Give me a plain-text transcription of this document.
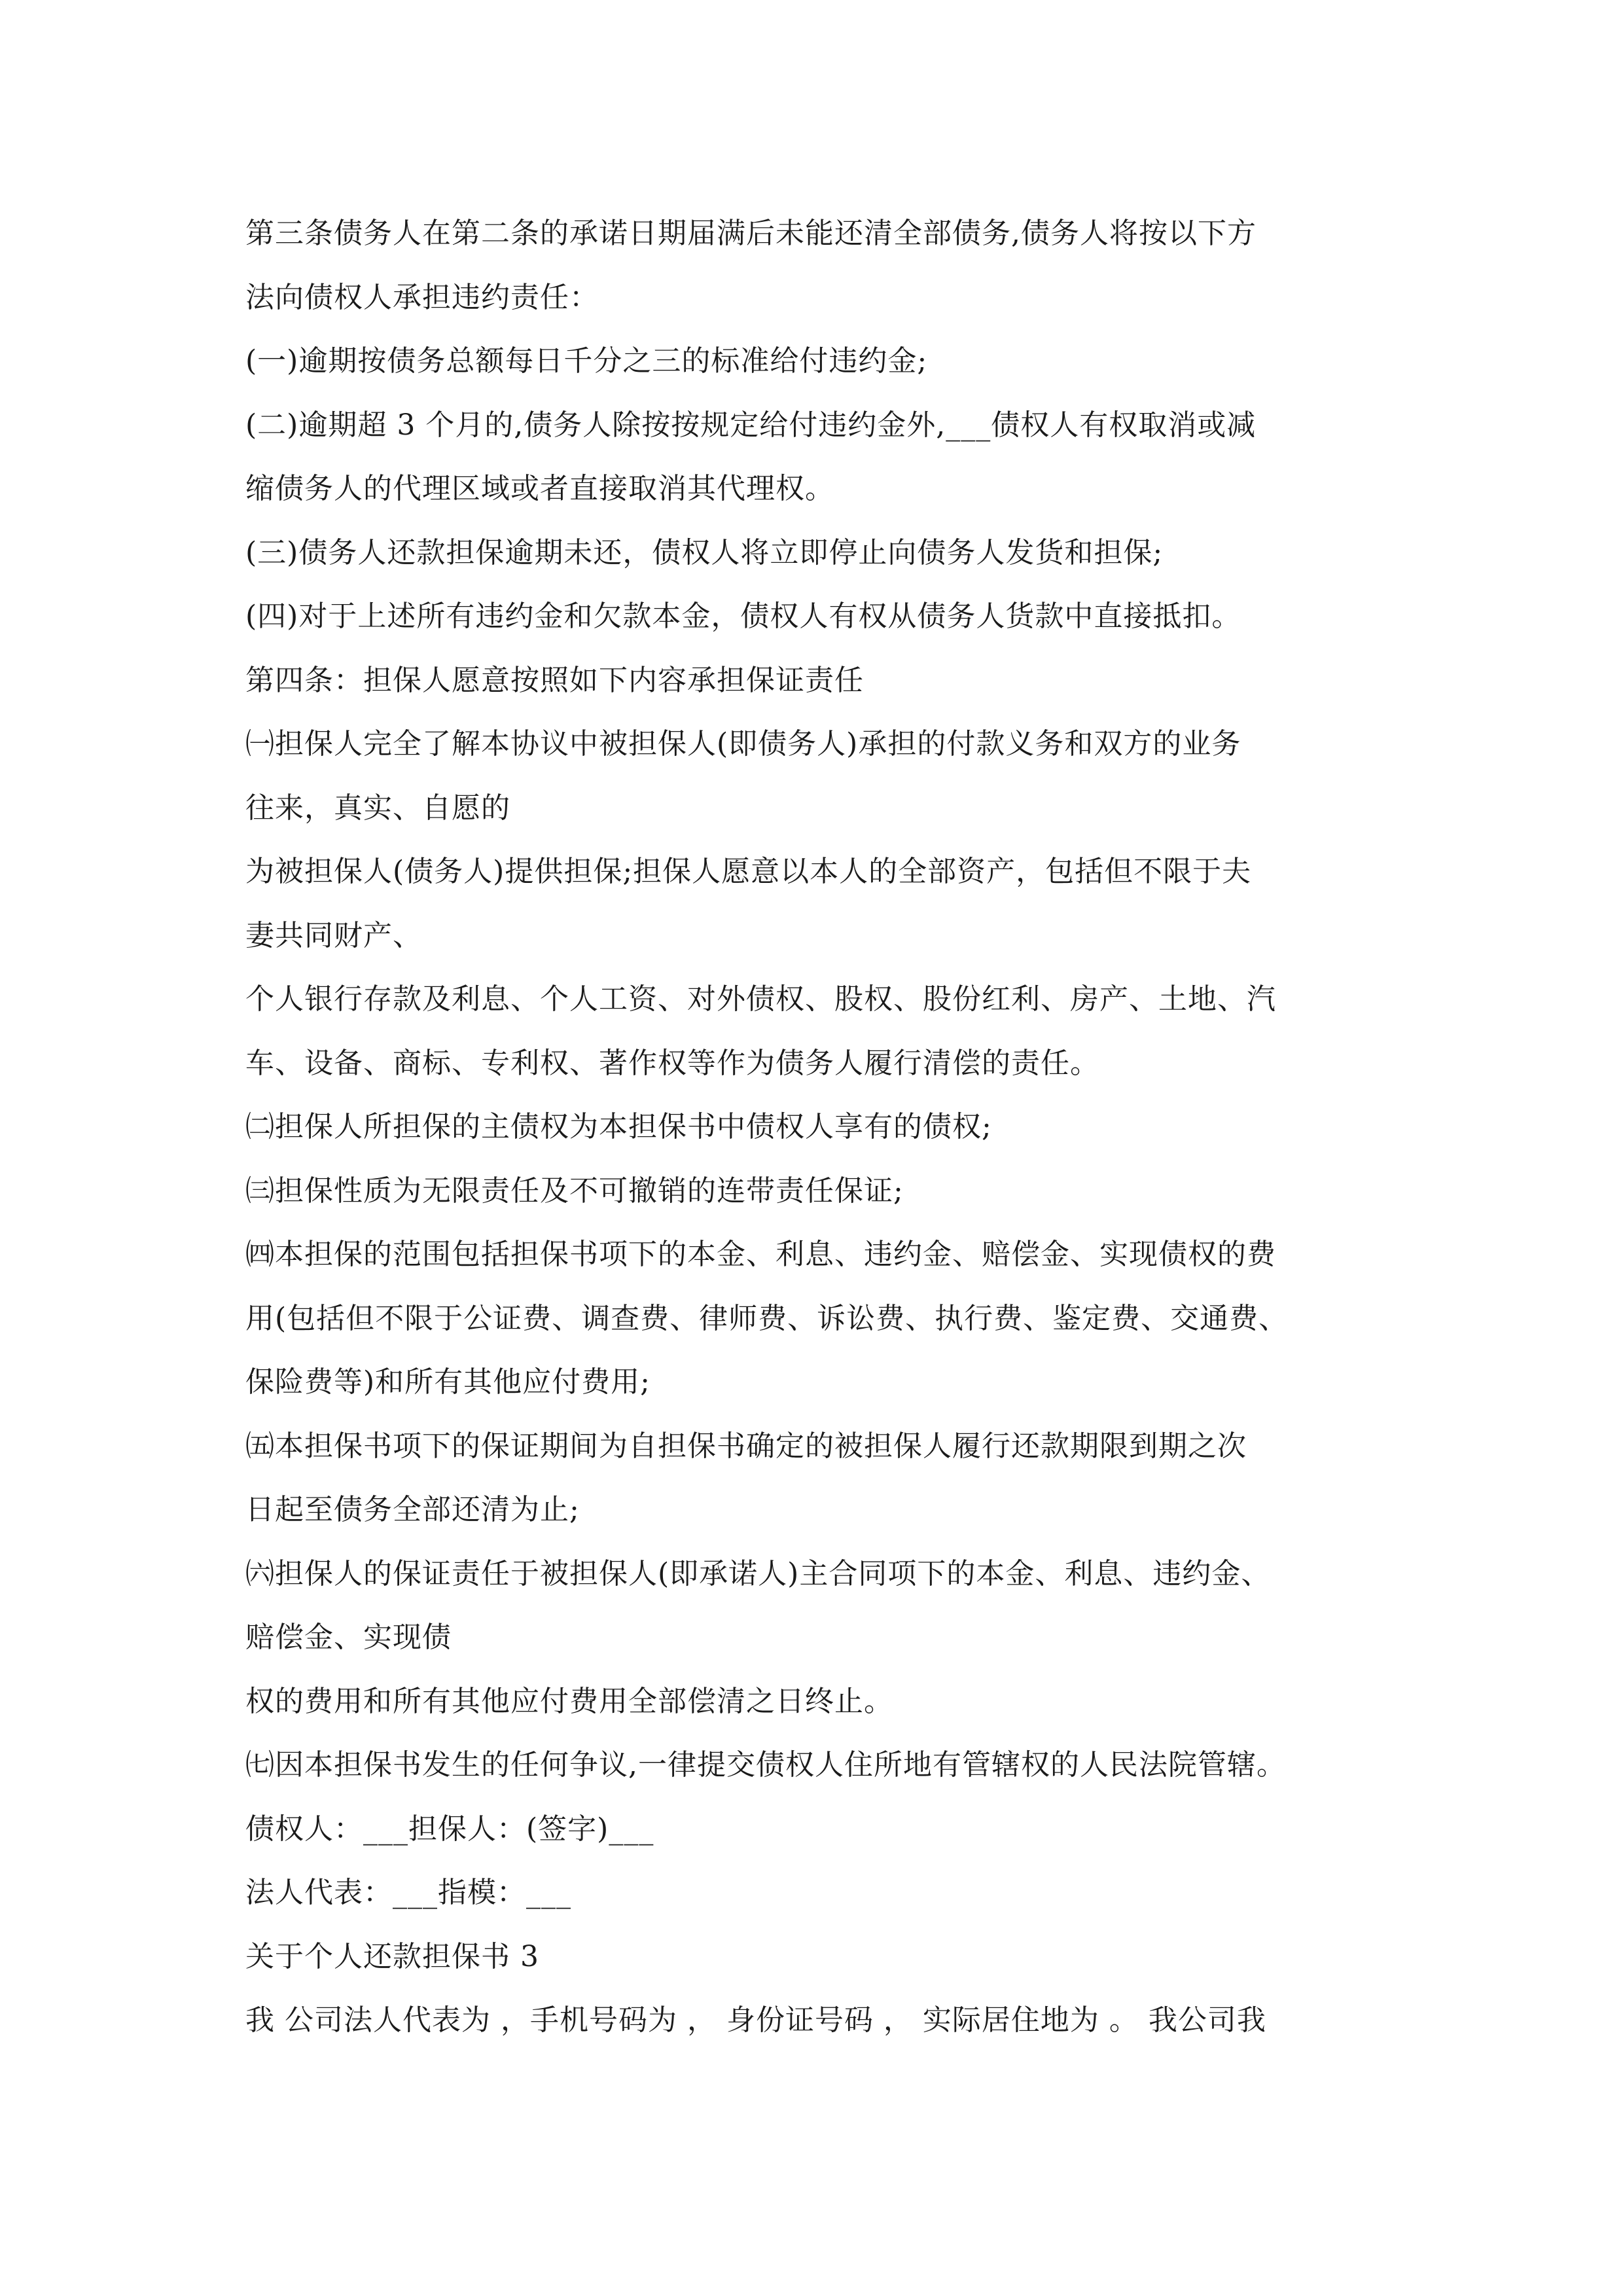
第三条债务人在第二条的承诺日期届满后未能还清全部债务,债务人将按以下方
法向债权人承担违约责任：
(一)逾期按债务总额每日千分之三的标准给付违约金;
(二)逾期超 3 个月的,债务人除按按规定给付违约金外,___债权人有权取消或减
缩债务人的代理区域或者直接取消其代理权。
(三)债务人还款担保逾期未还，债权人将立即停止向债务人发货和担保;
(四)对于上述所有违约金和欠款本金，债权人有权从债务人货款中直接抵扣。
第四条：担保人愿意按照如下内容承担保证责任
㈠担保人完全了解本协议中被担保人(即债务人)承担的付款义务和双方的业务
往来，真实、自愿的
为被担保人(债务人)提供担保;担保人愿意以本人的全部资产，包括但不限于夫
妻共同财产、
个人银行存款及利息、个人工资、对外债权、股权、股份红利、房产、土地、汽
车、设备、商标、专利权、著作权等作为债务人履行清偿的责任。
㈡担保人所担保的主债权为本担保书中债权人享有的债权;
㈢担保性质为无限责任及不可撤销的连带责任保证;
㈣本担保的范围包括担保书项下的本金、利息、违约金、赔偿金、实现债权的费
用(包括但不限于公证费、调查费、律师费、诉讼费、执行费、鉴定费、交通费、
保险费等)和所有其他应付费用;
㈤本担保书项下的保证期间为自担保书确定的被担保人履行还款期限到期之次
日起至债务全部还清为止;
㈥担保人的保证责任于被担保人(即承诺人)主合同项下的本金、利息、违约金、
赔偿金、实现债
权的费用和所有其他应付费用全部偿清之日终止。
㈦因本担保书发生的任何争议,一律提交债权人住所地有管辖权的人民法院管辖。
债权人：___担保人：(签字)___
法人代表：___指模：___
关于个人还款担保书 3
我 公司法人代表为 ，手机号码为 ， 身份证号码 ， 实际居住地为 。 我公司我
